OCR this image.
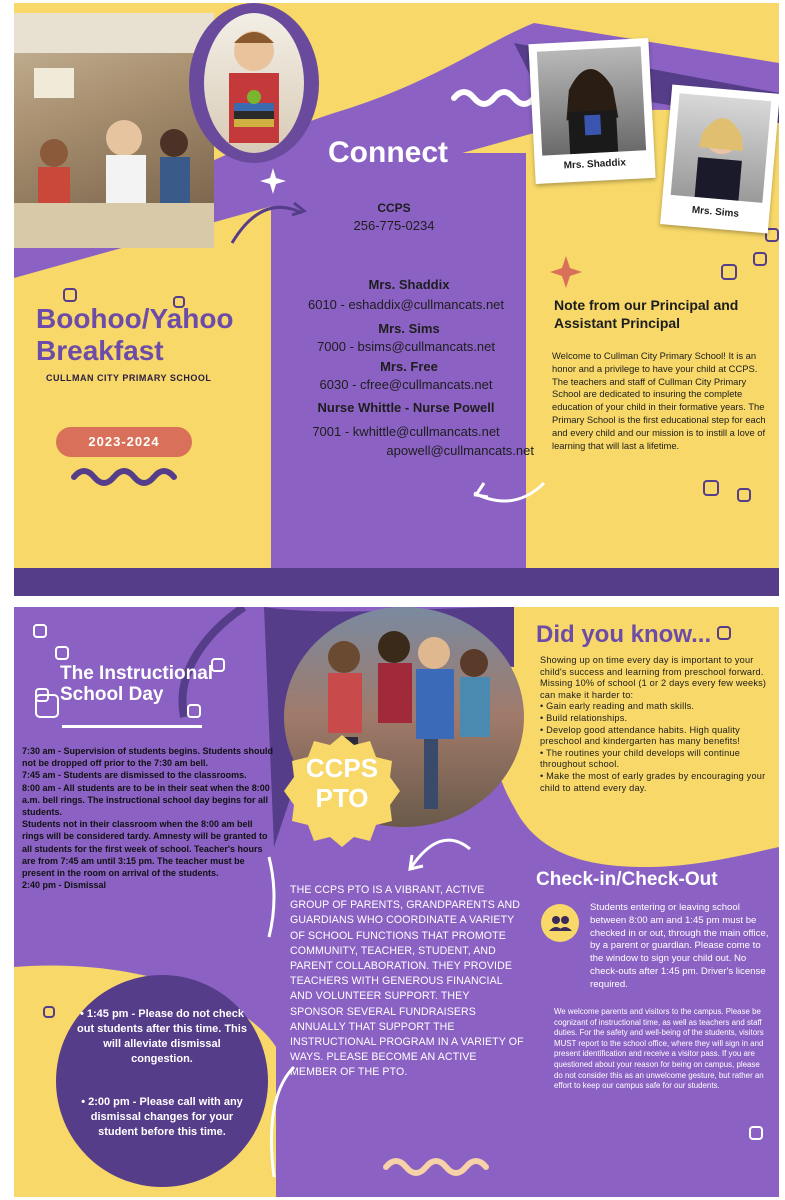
Boohoo/Yahoo
Breakfast
CULLMAN CITY PRIMARY SCHOOL
2023-2024
Connect
CCPS
256-775-0234
Mrs. Shaddix
6010 - eshaddix@cullmancats.net
Mrs. Sims
7000 - bsims@cullmancats.net
Mrs. Free
6030 - cfree@cullmancats.net
Nurse Whittle - Nurse Powell
7001 - kwhittle@cullmancats.net
apowell@cullmancats.net
Mrs. Shaddix
Mrs. Sims
Note from our Principal and Assistant Principal
Welcome to Cullman City Primary School! It is an honor and a privilege to have your child at CCPS. The teachers and staff of Cullman City Primary School are dedicated to insuring the complete education of your child in their formative years. The Primary School is the first educational step for each and every child and our mission is to instill a love of learning that will last a lifetime.
CCPS PTO
The Instructional School Day
7:30 am - Supervision of students begins. Students should not be dropped off prior to the 7:30 am bell.
7:45 am - Students are dismissed to the classrooms.
8:00 am - All students are to be in their seat when the 8:00 a.m. bell rings. The instructional school day begins for all students.
Students not in their classroom when the 8:00 am bell rings will be considered tardy. Amnesty will be granted to all students for the first week of school. Teacher's hours are from 7:45 am until 3:15 pm. The teacher must be present in the room on arrival of the students.
2:40 pm - Dismissal
• 1:45 pm - Please do not check out students after this time. This will alleviate dismissal congestion.
• 2:00 pm - Please call with any dismissal changes for your student before this time.
THE CCPS PTO IS A VIBRANT, ACTIVE GROUP OF PARENTS, GRANDPARENTS AND GUARDIANS WHO COORDINATE A VARIETY OF SCHOOL FUNCTIONS THAT PROMOTE COMMUNITY, TEACHER, STUDENT, AND PARENT COLLABORATION. THEY PROVIDE TEACHERS WITH GENEROUS FINANCIAL AND VOLUNTEER SUPPORT. THEY SPONSOR SEVERAL FUNDRAISERS ANNUALLY THAT SUPPORT THE INSTRUCTIONAL PROGRAM IN A VARIETY OF WAYS. PLEASE BECOME AN ACTIVE MEMBER OF THE PTO.
Did you know...
Showing up on time every day is important to your child's success and learning from preschool forward. Missing 10% of school (1 or 2 days every few weeks) can make it harder to:
• Gain early reading and math skills.
• Build relationships.
• Develop good attendance habits. High quality preschool and kindergarten has many benefits!
• The routines your child develops will continue throughout school.
• Make the most of early grades by encouraging your child to attend every day.
Check-in/Check-Out
Students entering or leaving school between 8:00 am and 1:45 pm must be checked in or out, through the main office, by a parent or guardian. Please come to the window to sign your child out. No check-outs after 1:45 pm. Driver's license required.
We welcome parents and visitors to the campus. Please be cognizant of instructional time, as well as teachers and staff duties. For the safety and well-being of the students, visitors MUST report to the school office, where they will sign in and present identification and receive a visitor pass. If you are questioned about your reason for being on campus, please do not consider this as an unwelcome gesture, but rather an effort to keep our campus safe for our students.
